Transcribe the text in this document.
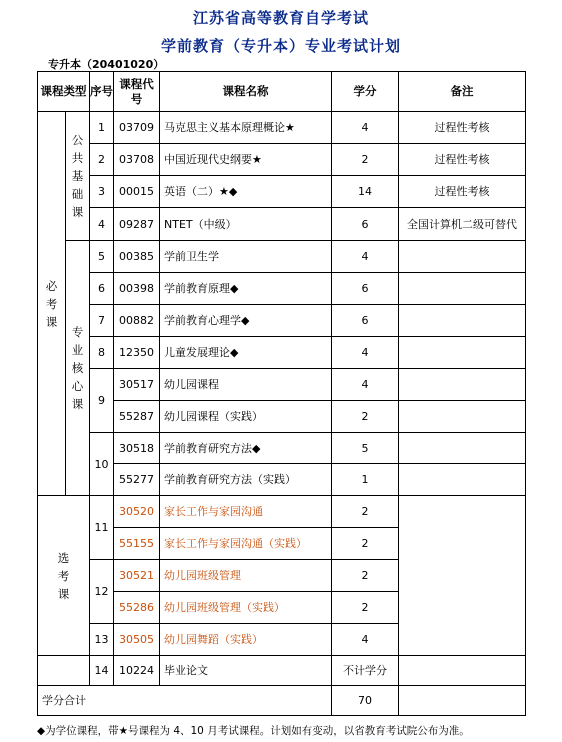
江苏省高等教育自学考试
学前教育（专升本）专业考试计划
专升本（20401020）
课程类型		序号	课程代号	课程名称	学分	备注
必考课	公共基础课	1	03709	马克思主义基本原理概论★	4	过程性考核
		2	03708	中国近现代史纲要★	2	过程性考核
		3	00015	英语（二）★◆	14	过程性考核
		4	09287	NTET（中级）	6	全国计算机二级可替代
	专业核心课	5	00385	学前卫生学	4	
		6	00398	学前教育原理◆	6	
		7	00882	学前教育心理学◆	6	
		8	12350	儿童发展理论◆	4	
		9	30517	幼儿园课程	4	
			55287	幼儿园课程（实践）	2	
		10	30518	学前教育研究方法◆	5	
			55277	学前教育研究方法（实践）	1	
选考课		11	30520	家长工作与家园沟通	2	
			55155	家长工作与家园沟通（实践）	2	
		12	30521	幼儿园班级管理	2	
			55286	幼儿园班级管理（实践）	2	
		13	30505	幼儿园舞蹈（实践）	4	
		14	10224	毕业论文	不计学分	
学分合计					70	
◆为学位课程，带★号课程为 4、10 月考试课程。计划如有变动，以省教育考试院公布为准。
